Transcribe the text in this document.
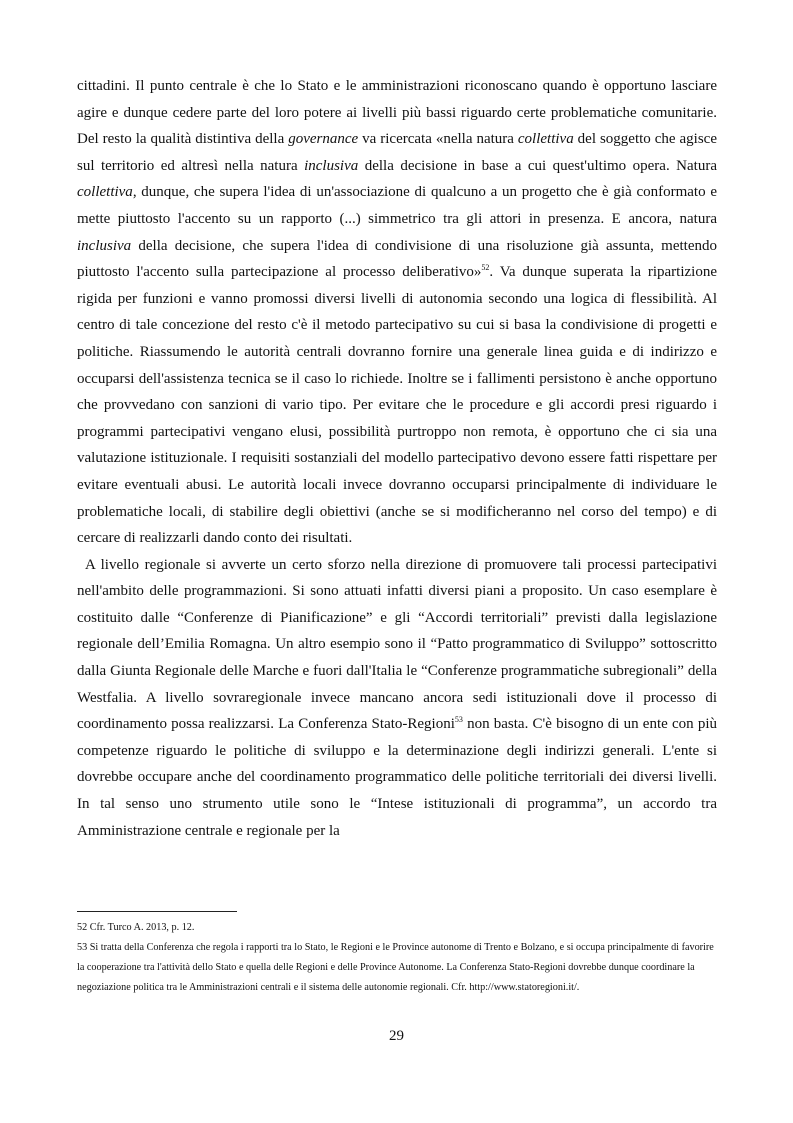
cittadini. Il punto centrale è che lo Stato e le amministrazioni riconoscano quando è opportuno lasciare agire e dunque cedere parte del loro potere ai livelli più bassi riguardo certe problematiche comunitarie. Del resto la qualità distintiva della governance va ricercata «nella natura collettiva del soggetto che agisce sul territorio ed altresì nella natura inclusiva della decisione in base a cui quest'ultimo opera. Natura collettiva, dunque, che supera l'idea di un'associazione di qualcuno a un progetto che è già conformato e mette piuttosto l'accento su un rapporto (...) simmetrico tra gli attori in presenza. E ancora, natura inclusiva della decisione, che supera l'idea di condivisione di una risoluzione già assunta, mettendo piuttosto l'accento sulla partecipazione al processo deliberativo»$^{52}$. Va dunque superata la ripartizione rigida per funzioni e vanno promossi diversi livelli di autonomia secondo una logica di flessibilità. Al centro di tale concezione del resto c'è il metodo partecipativo su cui si basa la condivisione di progetti e politiche. Riassumendo le autorità centrali dovranno fornire una generale linea guida e di indirizzo e occuparsi dell'assistenza tecnica se il caso lo richiede. Inoltre se i fallimenti persistono è anche opportuno che provvedano con sanzioni di vario tipo. Per evitare che le procedure e gli accordi presi riguardo i programmi partecipativi vengano elusi, possibilità purtroppo non remota, è opportuno che ci sia una valutazione istituzionale. I requisiti sostanziali del modello partecipativo devono essere fatti rispettare per evitare eventuali abusi. Le autorità locali invece dovranno occuparsi principalmente di individuare le problematiche locali, di stabilire degli obiettivi (anche se si modificheranno nel corso del tempo) e di cercare di realizzarli dando conto dei risultati.

A livello regionale si avverte un certo sforzo nella direzione di promuovere tali processi partecipativi nell'ambito delle programmazioni. Si sono attuati infatti diversi piani a proposito. Un caso esemplare è costituito dalle “Conferenze di Pianificazione” e gli “Accordi territoriali” previsti dalla legislazione regionale dell’Emilia Romagna. Un altro esempio sono il “Patto programmatico di Sviluppo” sottoscritto dalla Giunta Regionale delle Marche e fuori dall'Italia le “Conferenze programmatiche subregionali” della Westfalia. A livello sovraregionale invece mancano ancora sedi istituzionali dove il processo di coordinamento possa realizzarsi. La Conferenza Stato-Regioni$^{53}$ non basta. C'è bisogno di un ente con più competenze riguardo le politiche di sviluppo e la determinazione degli indirizzi generali. L'ente si dovrebbe occupare anche del coordinamento programmatico delle politiche territoriali dei diversi livelli. In tal senso uno strumento utile sono le “Intese istituzionali di programma”, un accordo tra Amministrazione centrale e regionale per la

52 Cfr. Turco A. 2013, p. 12.

53 Si tratta della Conferenza che regola i rapporti tra lo Stato, le Regioni e le Province autonome di Trento e Bolzano, e si occupa principalmente di favorire la cooperazione tra l'attività dello Stato e quella delle Regioni e delle Province Autonome. La Conferenza Stato-Regioni dovrebbe dunque coordinare la negoziazione politica tra le Amministrazioni centrali e il sistema delle autonomie regionali. Cfr. http://www.statoregioni.it/.

29
